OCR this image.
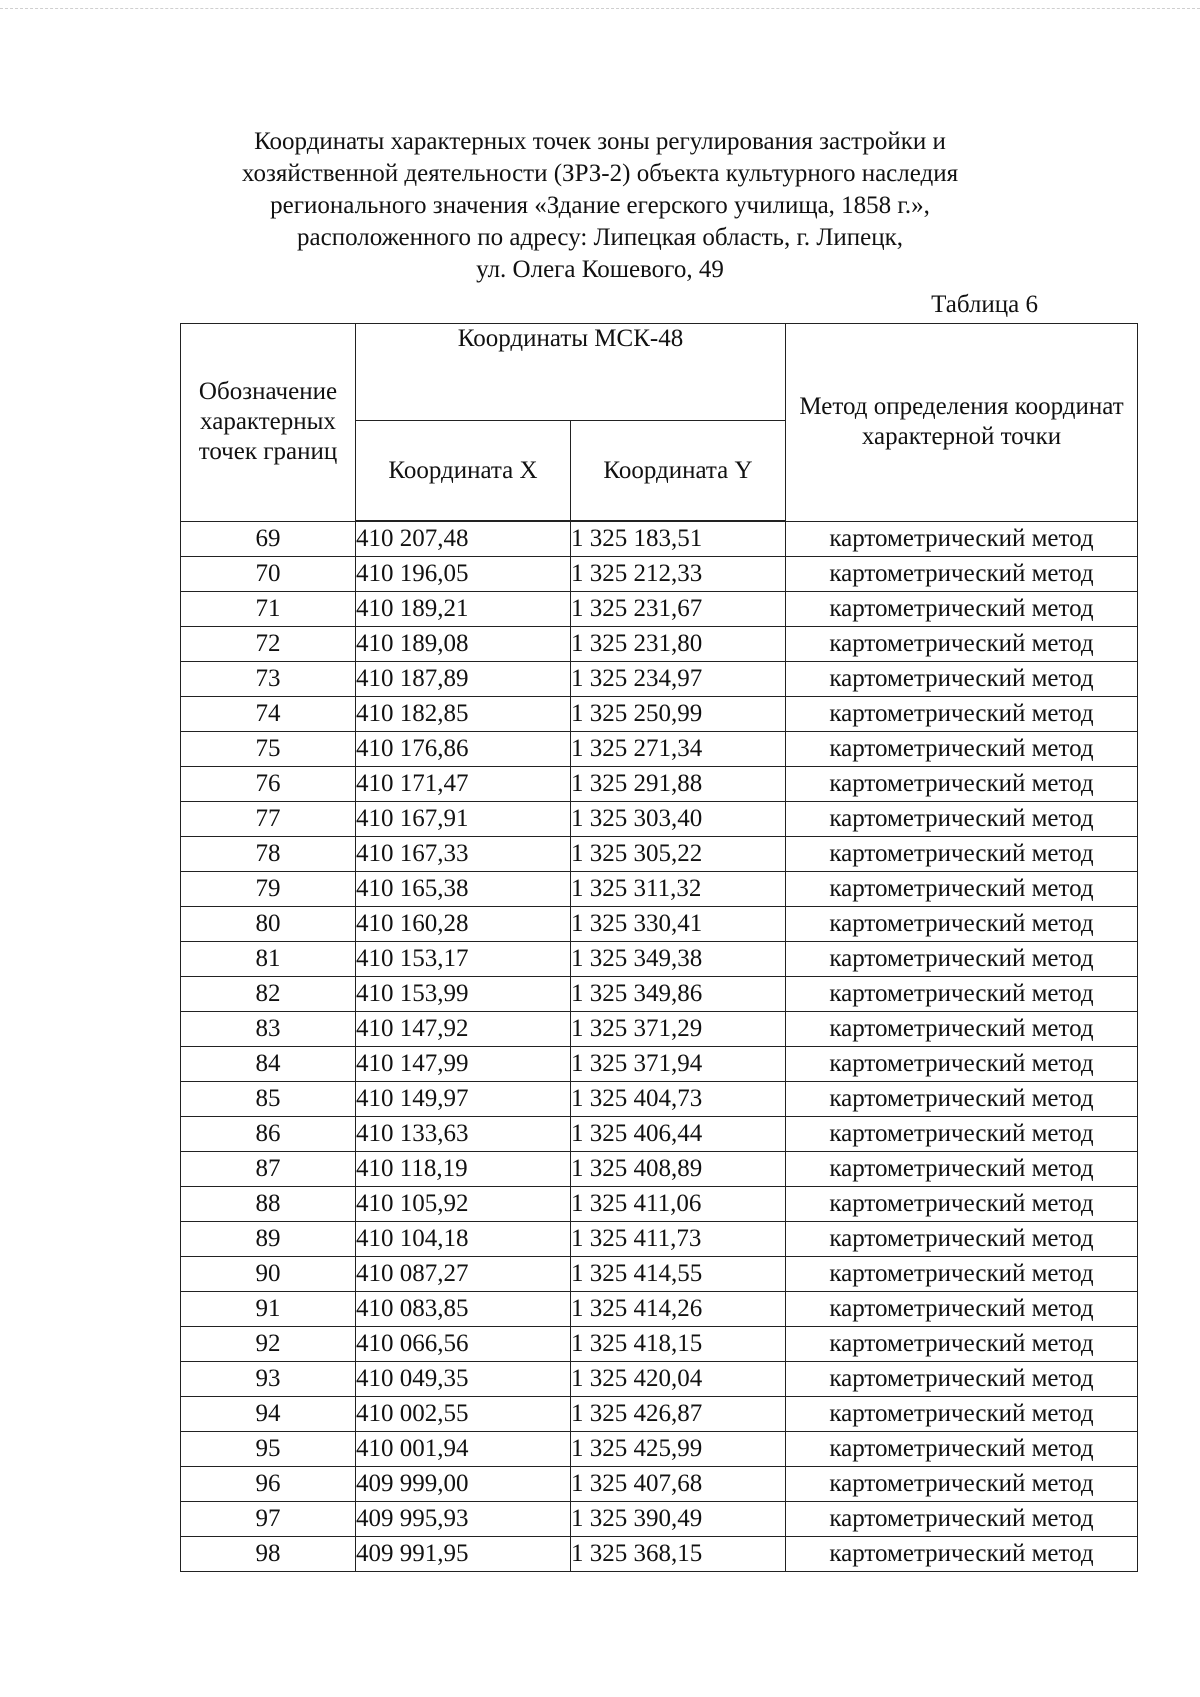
Координаты характерных точек зоны регулирования застройки и
хозяйственной деятельности (ЗРЗ-2) объекта культурного наследия
регионального значения «Здание егерского училища, 1858 г.»,
расположенного по адресу: Липецкая область, г. Липецк,
ул. Олега Кошевого, 49
Таблица 6
Обозначение характерных точек границ	Координаты МСК-48		Метод определения координат характерной точки
	Координата X	Координата Y	
69	410 207,48	1 325 183,51	картометрический метод
70	410 196,05	1 325 212,33	картометрический метод
71	410 189,21	1 325 231,67	картометрический метод
72	410 189,08	1 325 231,80	картометрический метод
73	410 187,89	1 325 234,97	картометрический метод
74	410 182,85	1 325 250,99	картометрический метод
75	410 176,86	1 325 271,34	картометрический метод
76	410 171,47	1 325 291,88	картометрический метод
77	410 167,91	1 325 303,40	картометрический метод
78	410 167,33	1 325 305,22	картометрический метод
79	410 165,38	1 325 311,32	картометрический метод
80	410 160,28	1 325 330,41	картометрический метод
81	410 153,17	1 325 349,38	картометрический метод
82	410 153,99	1 325 349,86	картометрический метод
83	410 147,92	1 325 371,29	картометрический метод
84	410 147,99	1 325 371,94	картометрический метод
85	410 149,97	1 325 404,73	картометрический метод
86	410 133,63	1 325 406,44	картометрический метод
87	410 118,19	1 325 408,89	картометрический метод
88	410 105,92	1 325 411,06	картометрический метод
89	410 104,18	1 325 411,73	картометрический метод
90	410 087,27	1 325 414,55	картометрический метод
91	410 083,85	1 325 414,26	картометрический метод
92	410 066,56	1 325 418,15	картометрический метод
93	410 049,35	1 325 420,04	картометрический метод
94	410 002,55	1 325 426,87	картометрический метод
95	410 001,94	1 325 425,99	картометрический метод
96	409 999,00	1 325 407,68	картометрический метод
97	409 995,93	1 325 390,49	картометрический метод
98	409 991,95	1 325 368,15	картометрический метод
